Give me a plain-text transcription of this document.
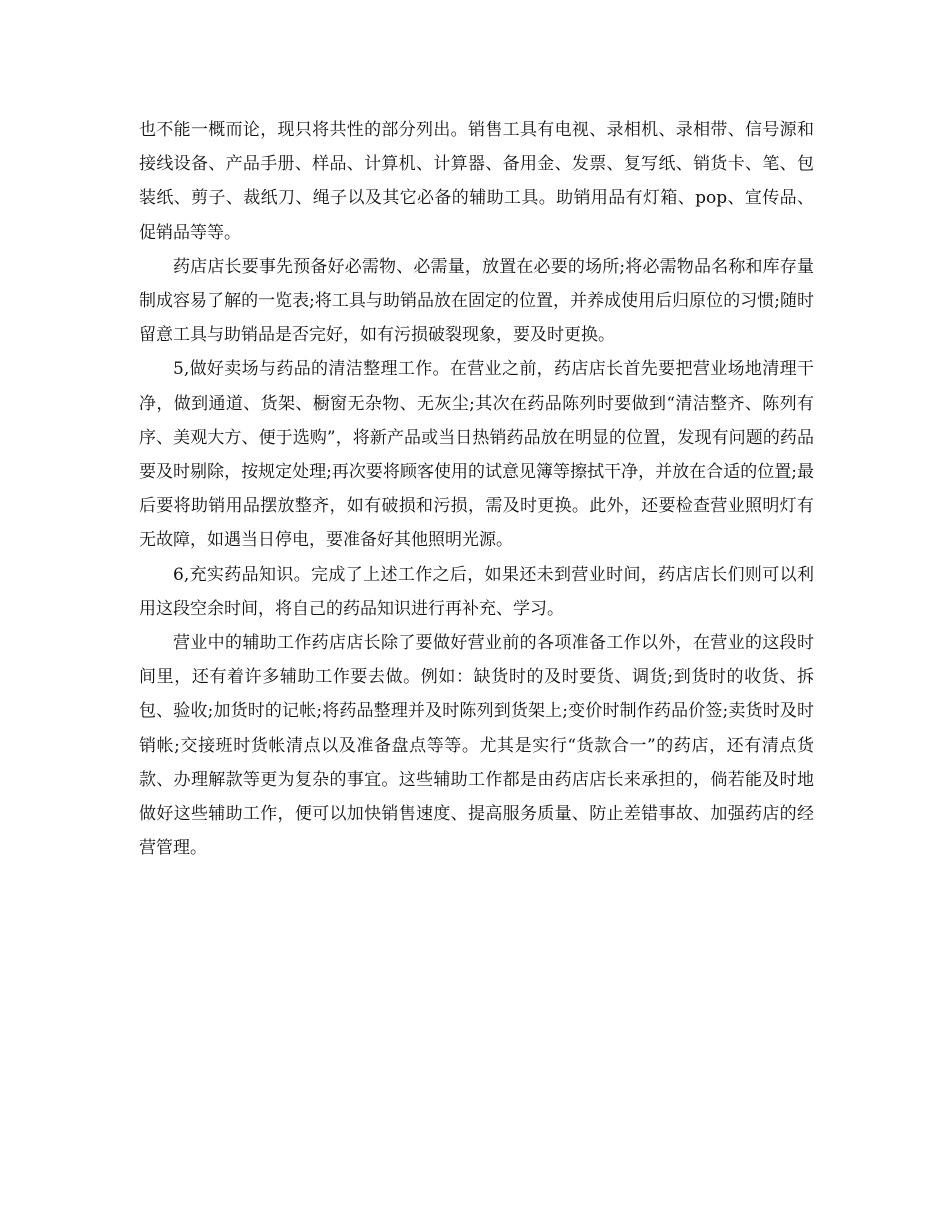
也不能一概而论，现只将共性的部分列出。销售工具有电视、录相机、录相带、信号源和接线设备、产品手册、样品、计算机、计算器、备用金、发票、复写纸、销货卡、笔、包装纸、剪子、裁纸刀、绳子以及其它必备的辅助工具。助销用品有灯箱、pop、宣传品、促销品等等。

药店店长要事先预备好必需物、必需量，放置在必要的场所;将必需物品名称和库存量制成容易了解的一览表;将工具与助销品放在固定的位置，并养成使用后归原位的习惯;随时留意工具与助销品是否完好，如有污损破裂现象，要及时更换。

5,做好卖场与药品的清洁整理工作。在营业之前，药店店长首先要把营业场地清理干净，做到通道、货架、橱窗无杂物、无灰尘;其次在药品陈列时要做到“清洁整齐、陈列有序、美观大方、便于选购”，将新产品或当日热销药品放在明显的位置，发现有问题的药品要及时剔除，按规定处理;再次要将顾客使用的试意见簿等擦拭干净，并放在合适的位置;最后要将助销用品摆放整齐，如有破损和污损，需及时更换。此外，还要检查营业照明灯有无故障，如遇当日停电，要准备好其他照明光源。

6,充实药品知识。完成了上述工作之后，如果还未到营业时间，药店店长们则可以利用这段空余时间，将自己的药品知识进行再补充、学习。

营业中的辅助工作药店店长除了要做好营业前的各项准备工作以外，在营业的这段时间里，还有着许多辅助工作要去做。例如：缺货时的及时要货、调货;到货时的收货、拆包、验收;加货时的记帐;将药品整理并及时陈列到货架上;变价时制作药品价签;卖货时及时销帐;交接班时货帐清点以及准备盘点等等。尤其是实行“货款合一”的药店，还有清点货款、办理解款等更为复杂的事宜。这些辅助工作都是由药店店长来承担的，倘若能及时地做好这些辅助工作，便可以加快销售速度、提高服务质量、防止差错事故、加强药店的经营管理。
